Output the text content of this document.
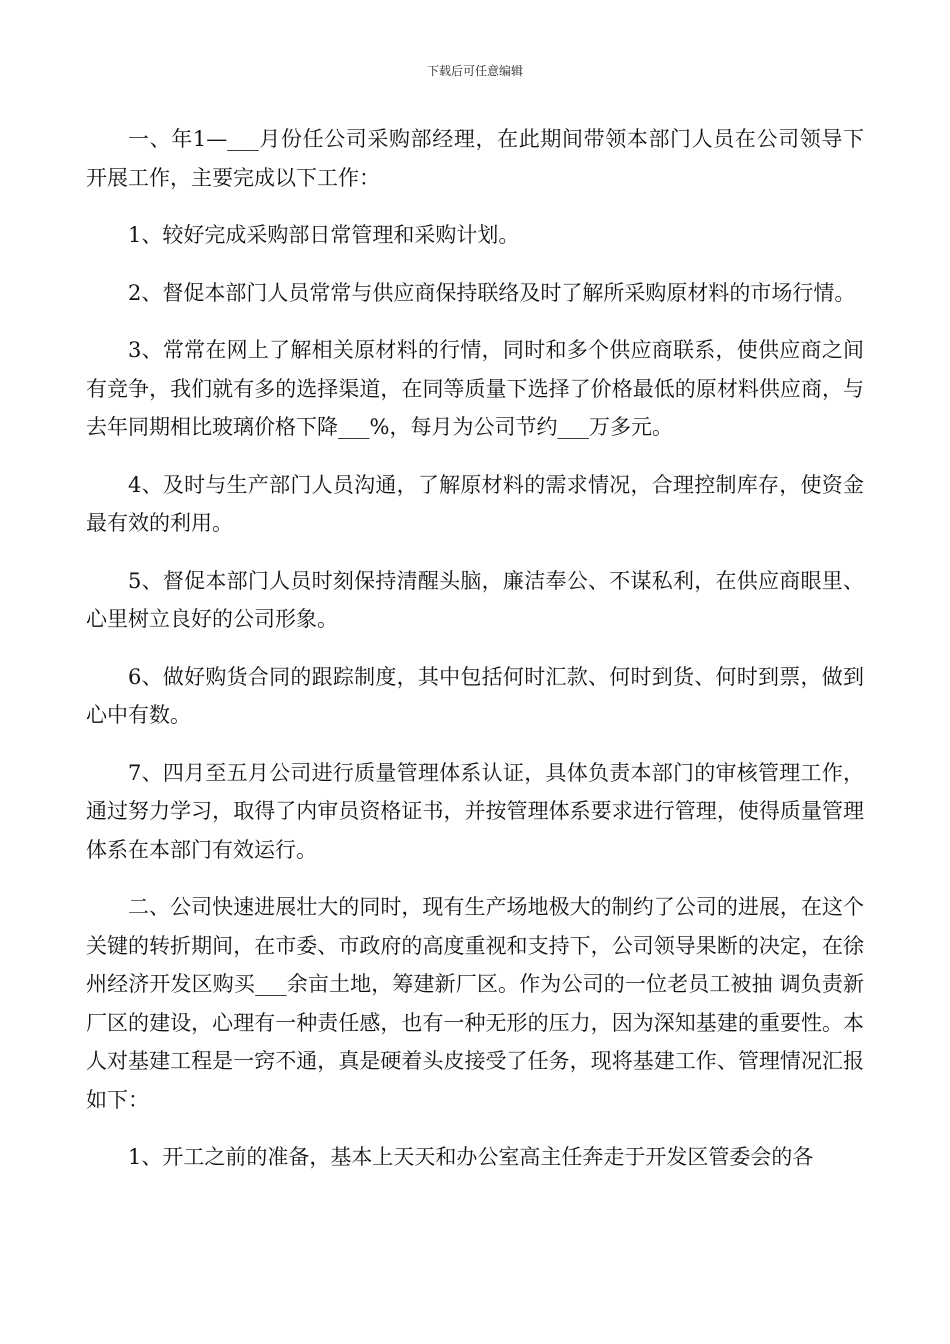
下载后可任意编辑

一、年1—___月份任公司采购部经理，在此期间带领本部门人员在公司领导下开展工作，主要完成以下工作：

1、较好完成采购部日常管理和采购计划。

2、督促本部门人员常常与供应商保持联络及时了解所采购原材料的市场行情。

3、常常在网上了解相关原材料的行情，同时和多个供应商联系，使供应商之间有竞争，我们就有多的选择渠道，在同等质量下选择了价格最低的原材料供应商，与去年同期相比玻璃价格下降___%，每月为公司节约___万多元。

4、及时与生产部门人员沟通，了解原材料的需求情况，合理控制库存，使资金最有效的利用。

5、督促本部门人员时刻保持清醒头脑，廉洁奉公、不谋私利，在供应商眼里、心里树立良好的公司形象。

6、做好购货合同的跟踪制度，其中包括何时汇款、何时到货、何时到票，做到心中有数。

7、四月至五月公司进行质量管理体系认证，具体负责本部门的审核管理工作，通过努力学习，取得了内审员资格证书，并按管理体系要求进行管理，使得质量管理体系在本部门有效运行。

二、公司快速进展壮大的同时，现有生产场地极大的制约了公司的进展，在这个关键的转折期间，在市委、市政府的高度重视和支持下，公司领导果断的决定，在徐州经济开发区购买___余亩土地，筹建新厂区。作为公司的一位老员工被抽 调负责新厂区的建设，心理有一种责任感，也有一种无形的压力，因为深知基建的重要性。本人对基建工程是一窍不通，真是硬着头皮接受了任务，现将基建工作、管理情况汇报如下：

1、开工之前的准备，基本上天天和办公室高主任奔走于开发区管委会的各
